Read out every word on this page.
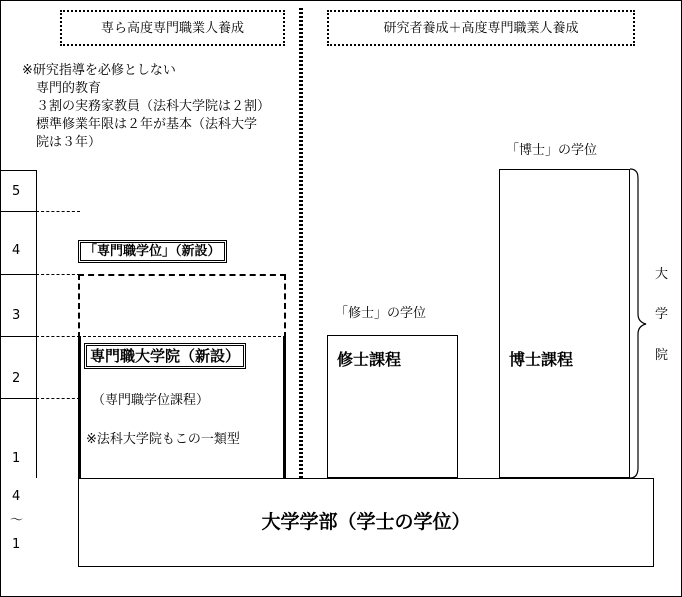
専ら高度専門職業人養成	研究者養成＋高度専門職業人養成
※研究指導を必修としない
専門的教育
３割の実務家教員（法科大学院は２割）
標準修業年限は２年が基本（法科大学
院は３年）
5
4
3
2
1
4
～
1
「専門職学位」（新設）
専門職大学院（新設）
（専門職学位課程）
※法科大学院もこの一類型
「修士」の学位
修士課程
「博士」の学位
博士課程
大
学
院
大学学部（学士の学位）
